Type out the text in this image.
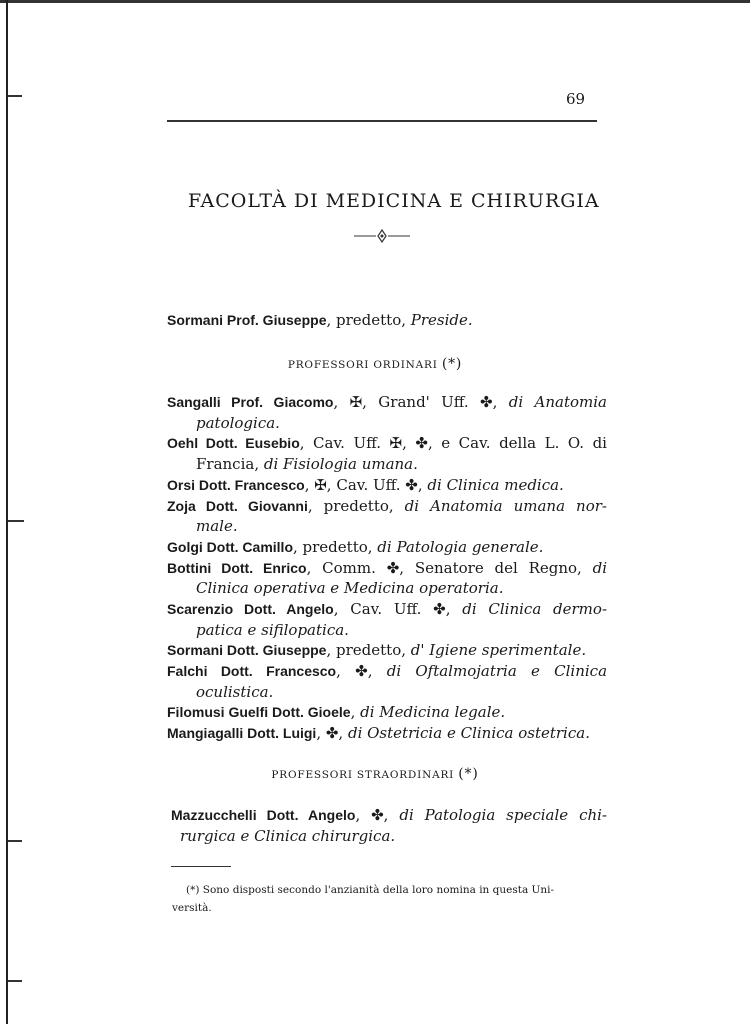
69
FACOLTÀ DI MEDICINA E CHIRURGIA
Sormani Prof. Giuseppe, predetto, Preside.
PROFESSORI ORDINARI (*)
Sangalli Prof. Giacomo, ✠, Grand' Uff. ✤, di Anatomia
patologica.
Oehl Dott. Eusebio, Cav. Uff. ✠, ✤, e Cav. della L. O. di
Francia, di Fisiologia umana.
Orsi Dott. Francesco, ✠, Cav. Uff. ✤, di Clinica medica.
Zoja Dott. Giovanni, predetto, di Anatomia umana nor-
male.
Golgi Dott. Camillo, predetto, di Patologia generale.
Bottini Dott. Enrico, Comm. ✤, Senatore del Regno, di
Clinica operativa e Medicina operatoria.
Scarenzio Dott. Angelo, Cav. Uff. ✤, di Clinica dermo-
patica e sifilopatica.
Sormani Dott. Giuseppe, predetto, d' Igiene sperimentale.
Falchi Dott. Francesco, ✤, di Oftalmojatria e Clinica
oculistica.
Filomusi Guelfi Dott. Gioele, di Medicina legale.
Mangiagalli Dott. Luigi, ✤, di Ostetricia e Clinica ostetrica.
PROFESSORI STRAORDINARI (*)
Mazzucchelli Dott. Angelo, ✤, di Patologia speciale chi-
rurgica e Clinica chirurgica.
(*) Sono disposti secondo l'anzianità della loro nomina in questa Uni-
versità.
